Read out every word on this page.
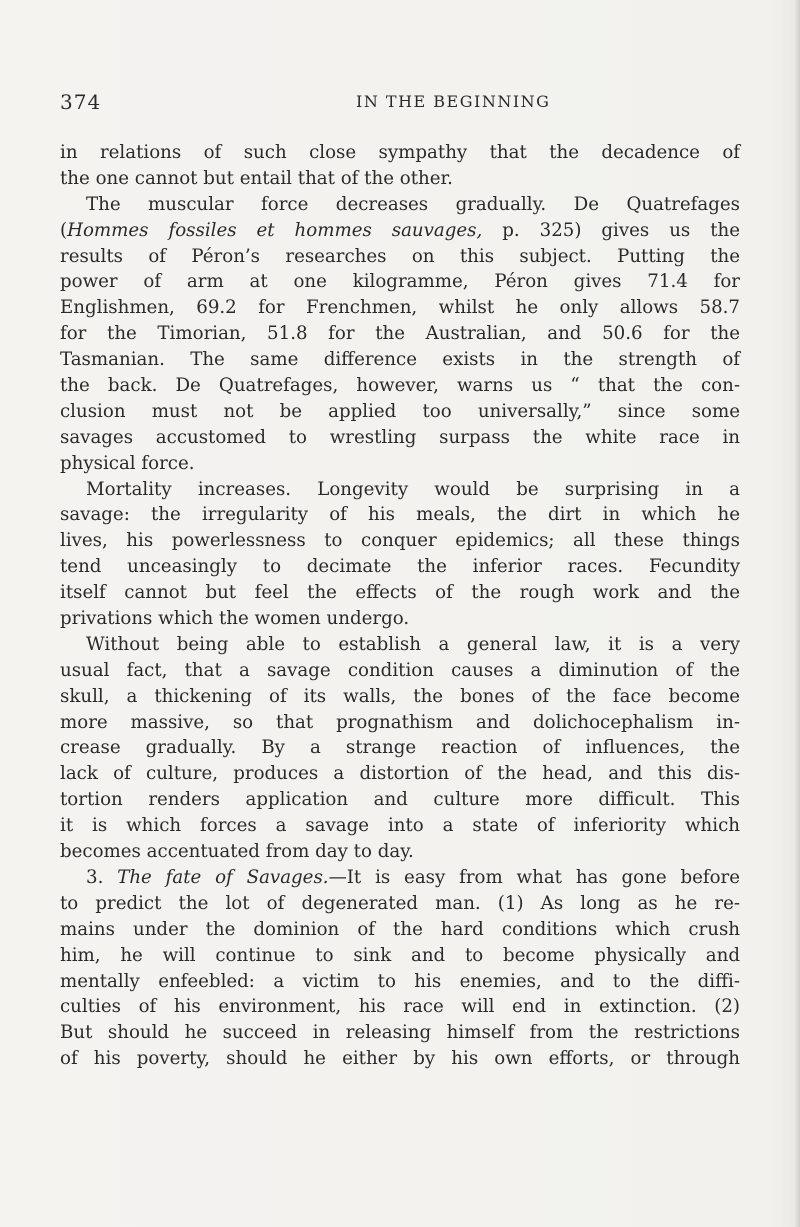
374	IN THE BEGINNING
in relations of such close sympathy that the decadence of
the one cannot but entail that of the other.
The muscular force decreases gradually. De Quatrefages
(Hommes fossiles et hommes sauvages, p. 325) gives us the
results of Péron’s researches on this subject. Putting the
power of arm at one kilogramme, Péron gives 71.4 for
Englishmen, 69.2 for Frenchmen, whilst he only allows 58.7
for the Timorian, 51.8 for the Australian, and 50.6 for the
Tasmanian. The same difference exists in the strength of
the back. De Quatrefages, however, warns us “ that the con-
clusion must not be applied too universally,” since some
savages accustomed to wrestling surpass the white race in
physical force.
Mortality increases. Longevity would be surprising in a
savage: the irregularity of his meals, the dirt in which he
lives, his powerlessness to conquer epidemics; all these things
tend unceasingly to decimate the inferior races. Fecundity
itself cannot but feel the effects of the rough work and the
privations which the women undergo.
Without being able to establish a general law, it is a very
usual fact, that a savage condition causes a diminution of the
skull, a thickening of its walls, the bones of the face become
more massive, so that prognathism and dolichocephalism in-
crease gradually. By a strange reaction of influences, the
lack of culture, produces a distortion of the head, and this dis-
tortion renders application and culture more difficult. This
it is which forces a savage into a state of inferiority which
becomes accentuated from day to day.
3. The fate of Savages.—It is easy from what has gone before
to predict the lot of degenerated man. (1) As long as he re-
mains under the dominion of the hard conditions which crush
him, he will continue to sink and to become physically and
mentally enfeebled: a victim to his enemies, and to the diffi-
culties of his environment, his race will end in extinction. (2)
But should he succeed in releasing himself from the restrictions
of his poverty, should he either by his own efforts, or through
